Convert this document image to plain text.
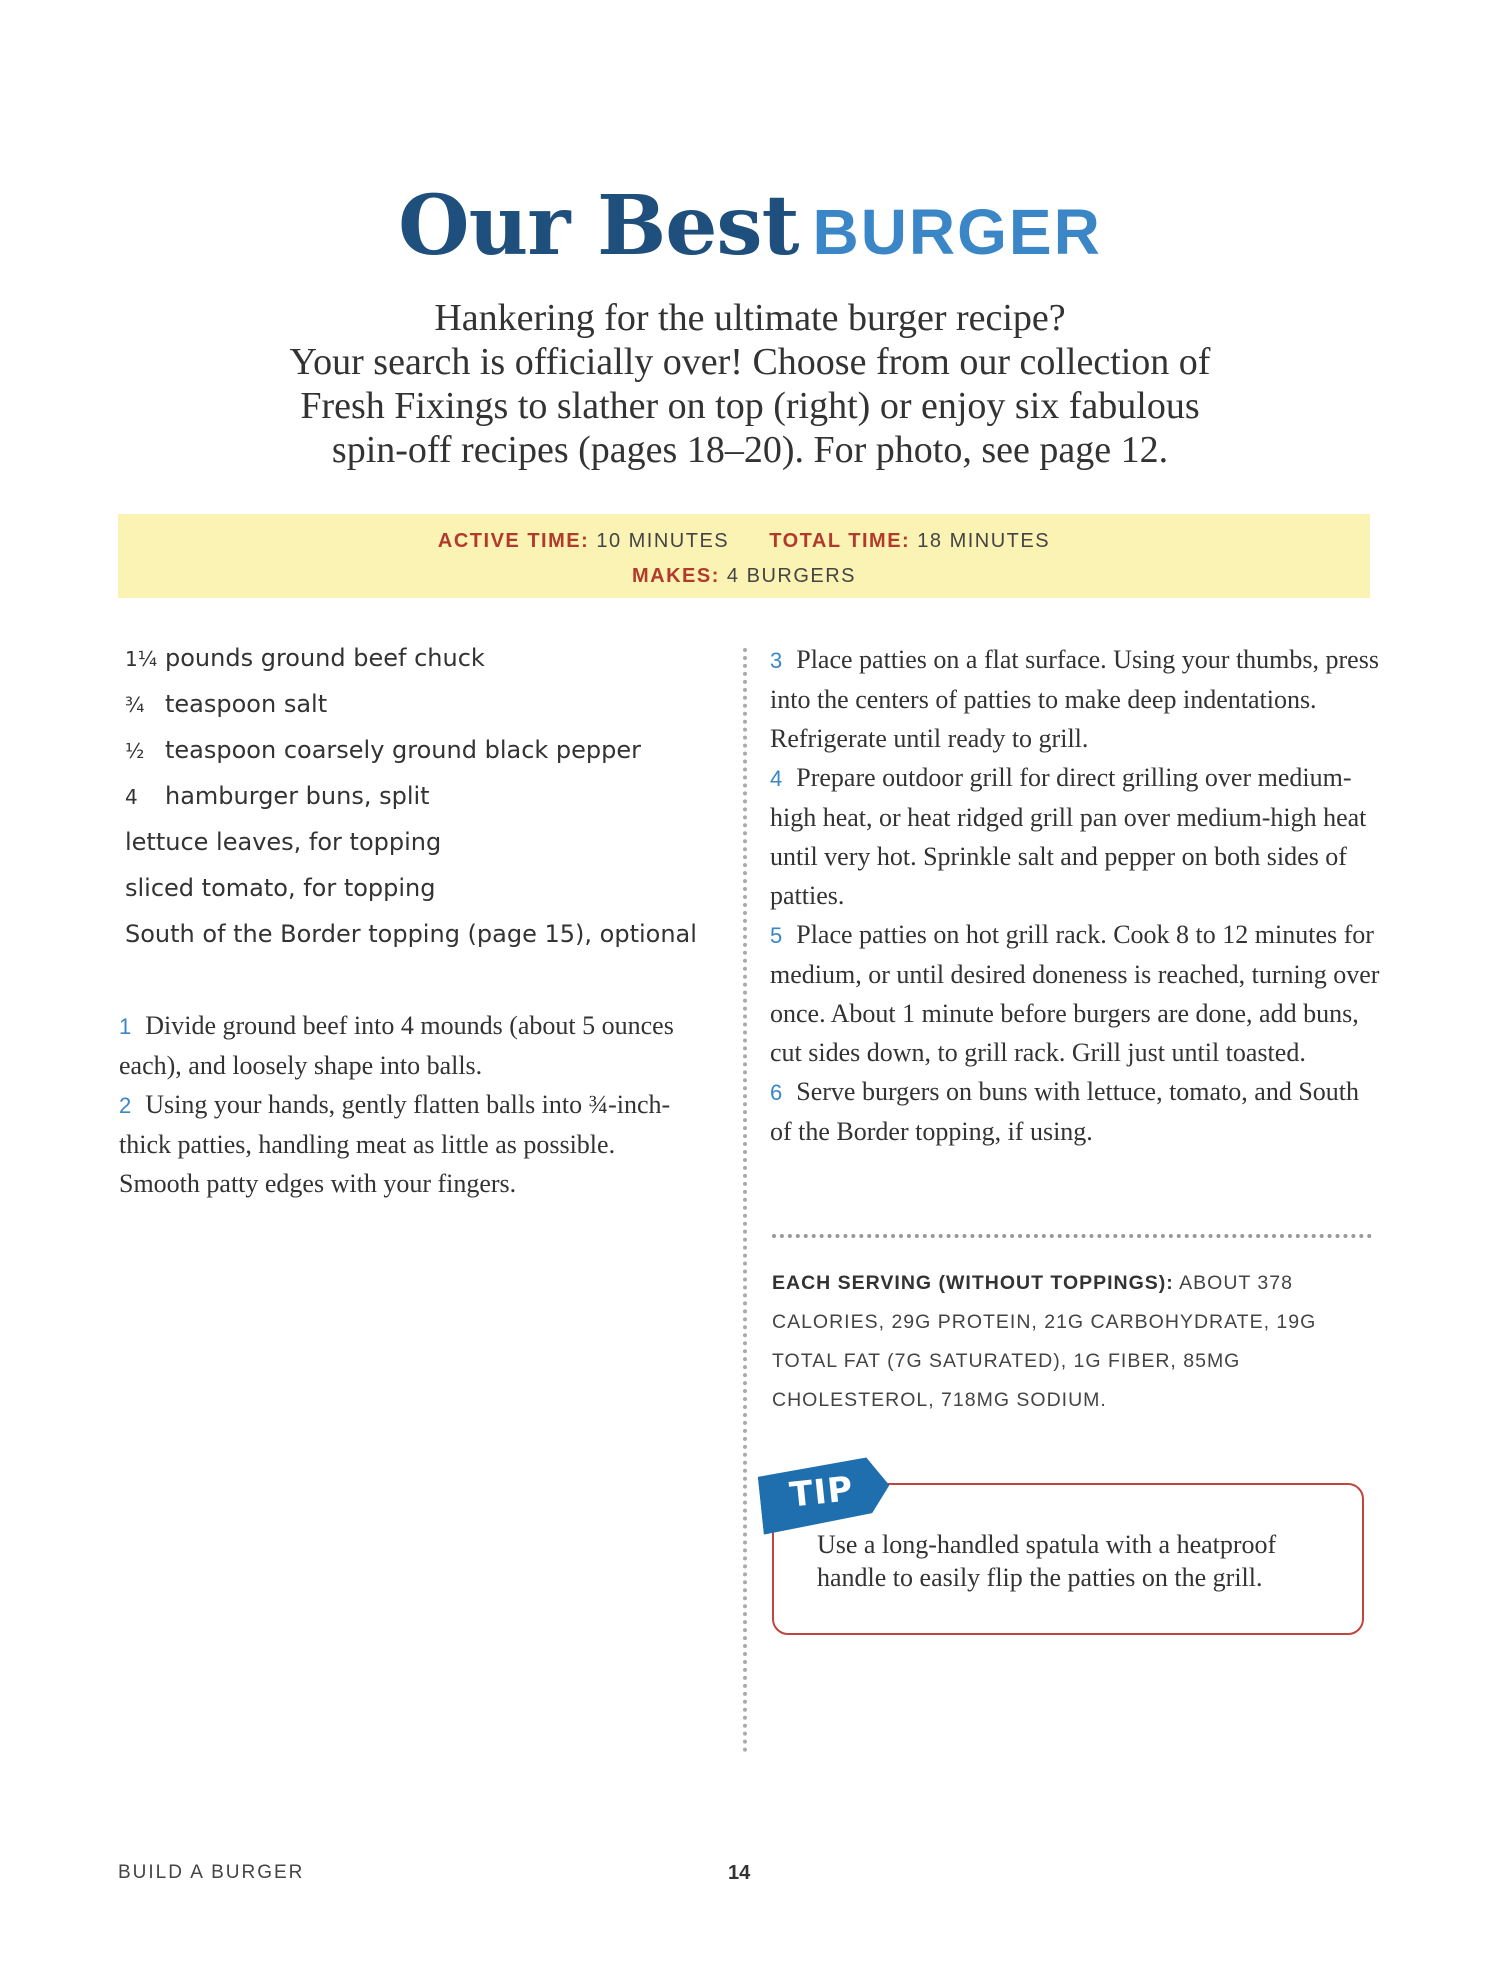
Our Best BURGER

Hankering for the ultimate burger recipe?

Your search is officially over! Choose from our collection of

Fresh Fixings to slather on top (right) or enjoy six fabulous

spin-off recipes (pages 18–20). For photo, see page 12.

ACTIVE TIME: 10 MINUTES TOTAL TIME: 18 MINUTES
MAKES: 4 BURGERS
1¼ pounds ground beef chuck
¾ teaspoon salt
½ teaspoon coarsely ground black pepper
4 hamburger buns, split
lettuce leaves, for topping
sliced tomato, for topping
South of the Border topping (page 15), optional

1 Divide ground beef into 4 mounds (about 5 ounces each), and loosely shape into balls.

2 Using your hands, gently flatten balls into ¾-inch-thick patties, handling meat as little as possible. Smooth patty edges with your fingers.

3 Place patties on a flat surface. Using your thumbs, press into the centers of patties to make deep indentations. Refrigerate until ready to grill.

4 Prepare outdoor grill for direct grilling over medium-high heat, or heat ridged grill pan over medium-high heat until very hot. Sprinkle salt and pepper on both sides of patties.

5 Place patties on hot grill rack. Cook 8 to 12 minutes for medium, or until desired doneness is reached, turning over once. About 1 minute before burgers are done, add buns, cut sides down, to grill rack. Grill just until toasted.

6 Serve burgers on buns with lettuce, tomato, and South of the Border topping, if using.

EACH SERVING (WITHOUT TOPPINGS): ABOUT 378 CALORIES, 29G PROTEIN, 21G CARBOHYDRATE, 19G TOTAL FAT (7G SATURATED), 1G FIBER, 85MG CHOLESTEROL, 718MG SODIUM.

TIP

Use a long-handled spatula with a heatproof handle to easily flip the patties on the grill.

BUILD A BURGER	14
